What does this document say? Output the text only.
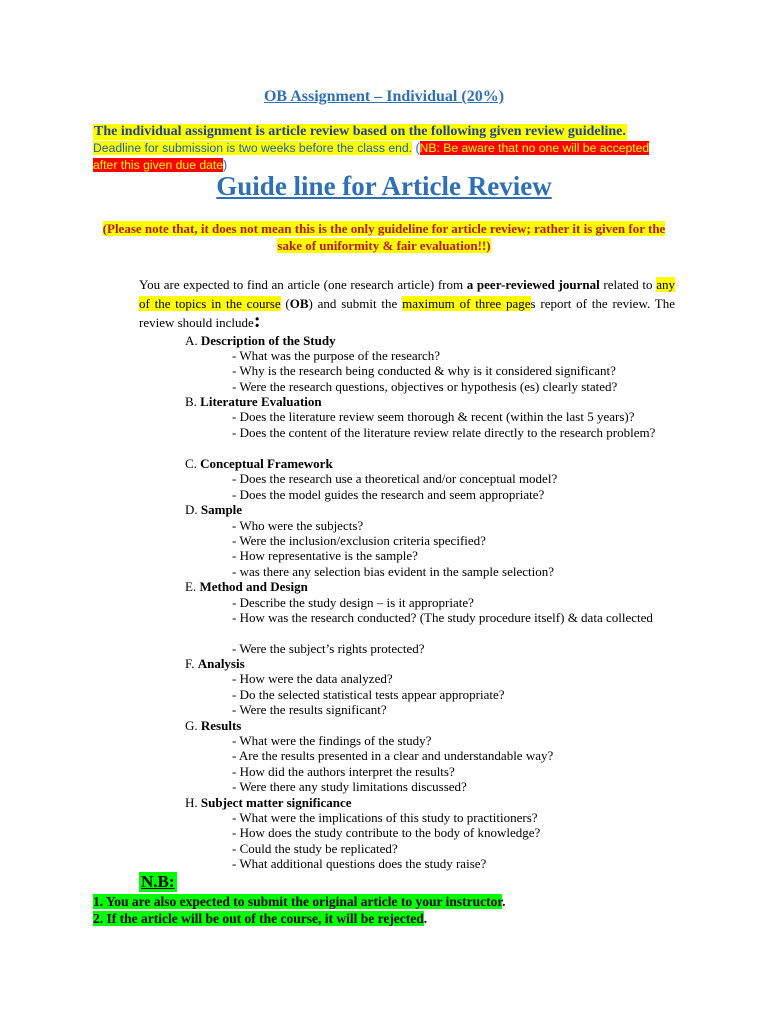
OB Assignment – Individual (20%)
The individual assignment is article review based on the following given review guideline.
Deadline for submission is two weeks before the class end. (NB: Be aware that no one will be accepted
after this given due date)
Guide line for Article Review
(Please note that, it does not mean this is the only guideline for article review; rather it is given for the sake of uniformity & fair evaluation!!)
You are expected to find an article (one research article) from a peer-reviewed journal related to any of the topics in the course (OB) and submit the maximum of three pages report of the review. The review should include:
A. Description of the Study
- What was the purpose of the research?
- Why is the research being conducted & why is it considered significant?
- Were the research questions, objectives or hypothesis (es) clearly stated?
B. Literature Evaluation
- Does the literature review seem thorough & recent (within the last 5 years)?
- Does the content of the literature review relate directly to the research problem?
C. Conceptual Framework
- Does the research use a theoretical and/or conceptual model?
- Does the model guides the research and seem appropriate?
D. Sample
- Who were the subjects?
- Were the inclusion/exclusion criteria specified?
- How representative is the sample?
- was there any selection bias evident in the sample selection?
E. Method and Design
- Describe the study design – is it appropriate?
- How was the research conducted? (The study procedure itself) & data collected
- Were the subject’s rights protected?
F. Analysis
- How were the data analyzed?
- Do the selected statistical tests appear appropriate?
- Were the results significant?
G. Results
- What were the findings of the study?
- Are the results presented in a clear and understandable way?
- How did the authors interpret the results?
- Were there any study limitations discussed?
H. Subject matter significance
- What were the implications of this study to practitioners?
- How does the study contribute to the body of knowledge?
- Could the study be replicated?
- What additional questions does the study raise?
N.B:
1. You are also expected to submit the original article to your instructor.
2. If the article will be out of the course, it will be rejected.
